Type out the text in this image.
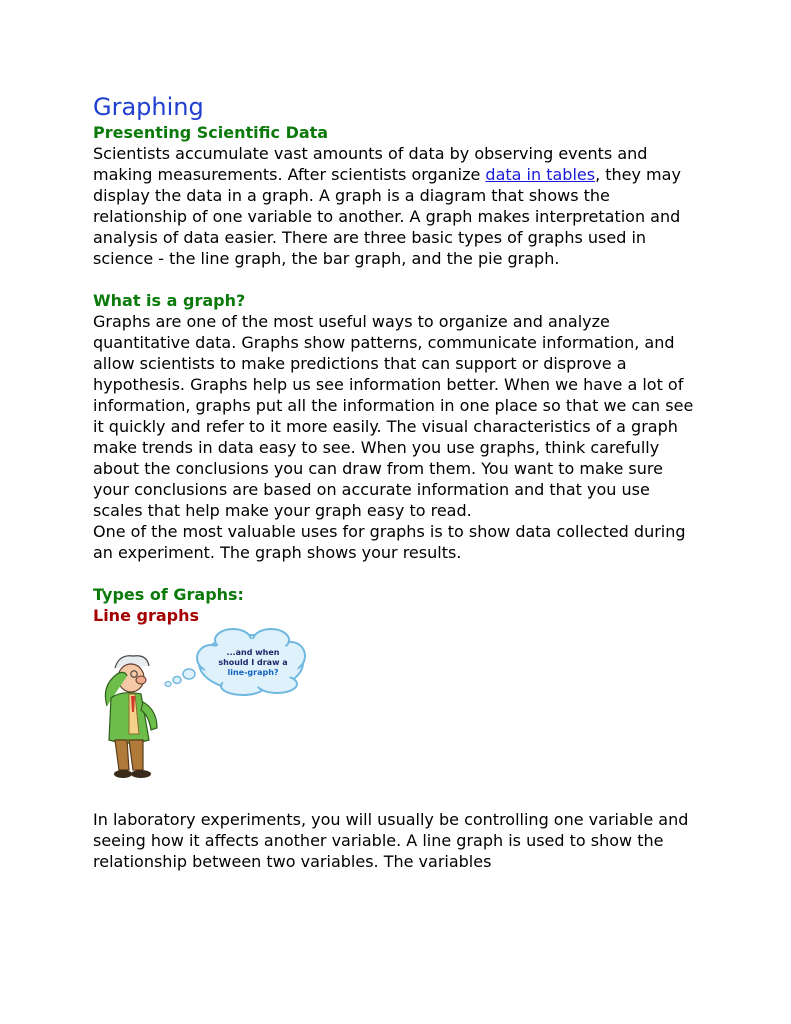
Graphing
Presenting Scientific Data

Scientists accumulate vast amounts of data by observing events and making measurements. After scientists organize data in tables, they may display the data in a graph. A graph is a diagram that shows the relationship of one variable to another. A graph makes interpretation and analysis of data easier. There are three basic types of graphs used in science - the line graph, the bar graph, and the pie graph.

What is a graph?

Graphs are one of the most useful ways to organize and analyze quantitative data. Graphs show patterns, communicate information, and allow scientists to make predictions that can support or disprove a hypothesis. Graphs help us see information better. When we have a lot of information, graphs put all the information in one place so that we can see it quickly and refer to it more easily. The visual characteristics of a graph make trends in data easy to see. When you use graphs, think carefully about the conclusions you can draw from them. You want to make sure your conclusions are based on accurate information and that you use scales that help make your graph easy to read.

One of the most valuable uses for graphs is to show data collected during an experiment. The graph shows your results.

Types of Graphs:
Line graphs
...and when
should I draw a
line-graph?

In laboratory experiments, you will usually be controlling one variable and seeing how it affects another variable. A line graph is used to show the relationship between two variables. The variables
